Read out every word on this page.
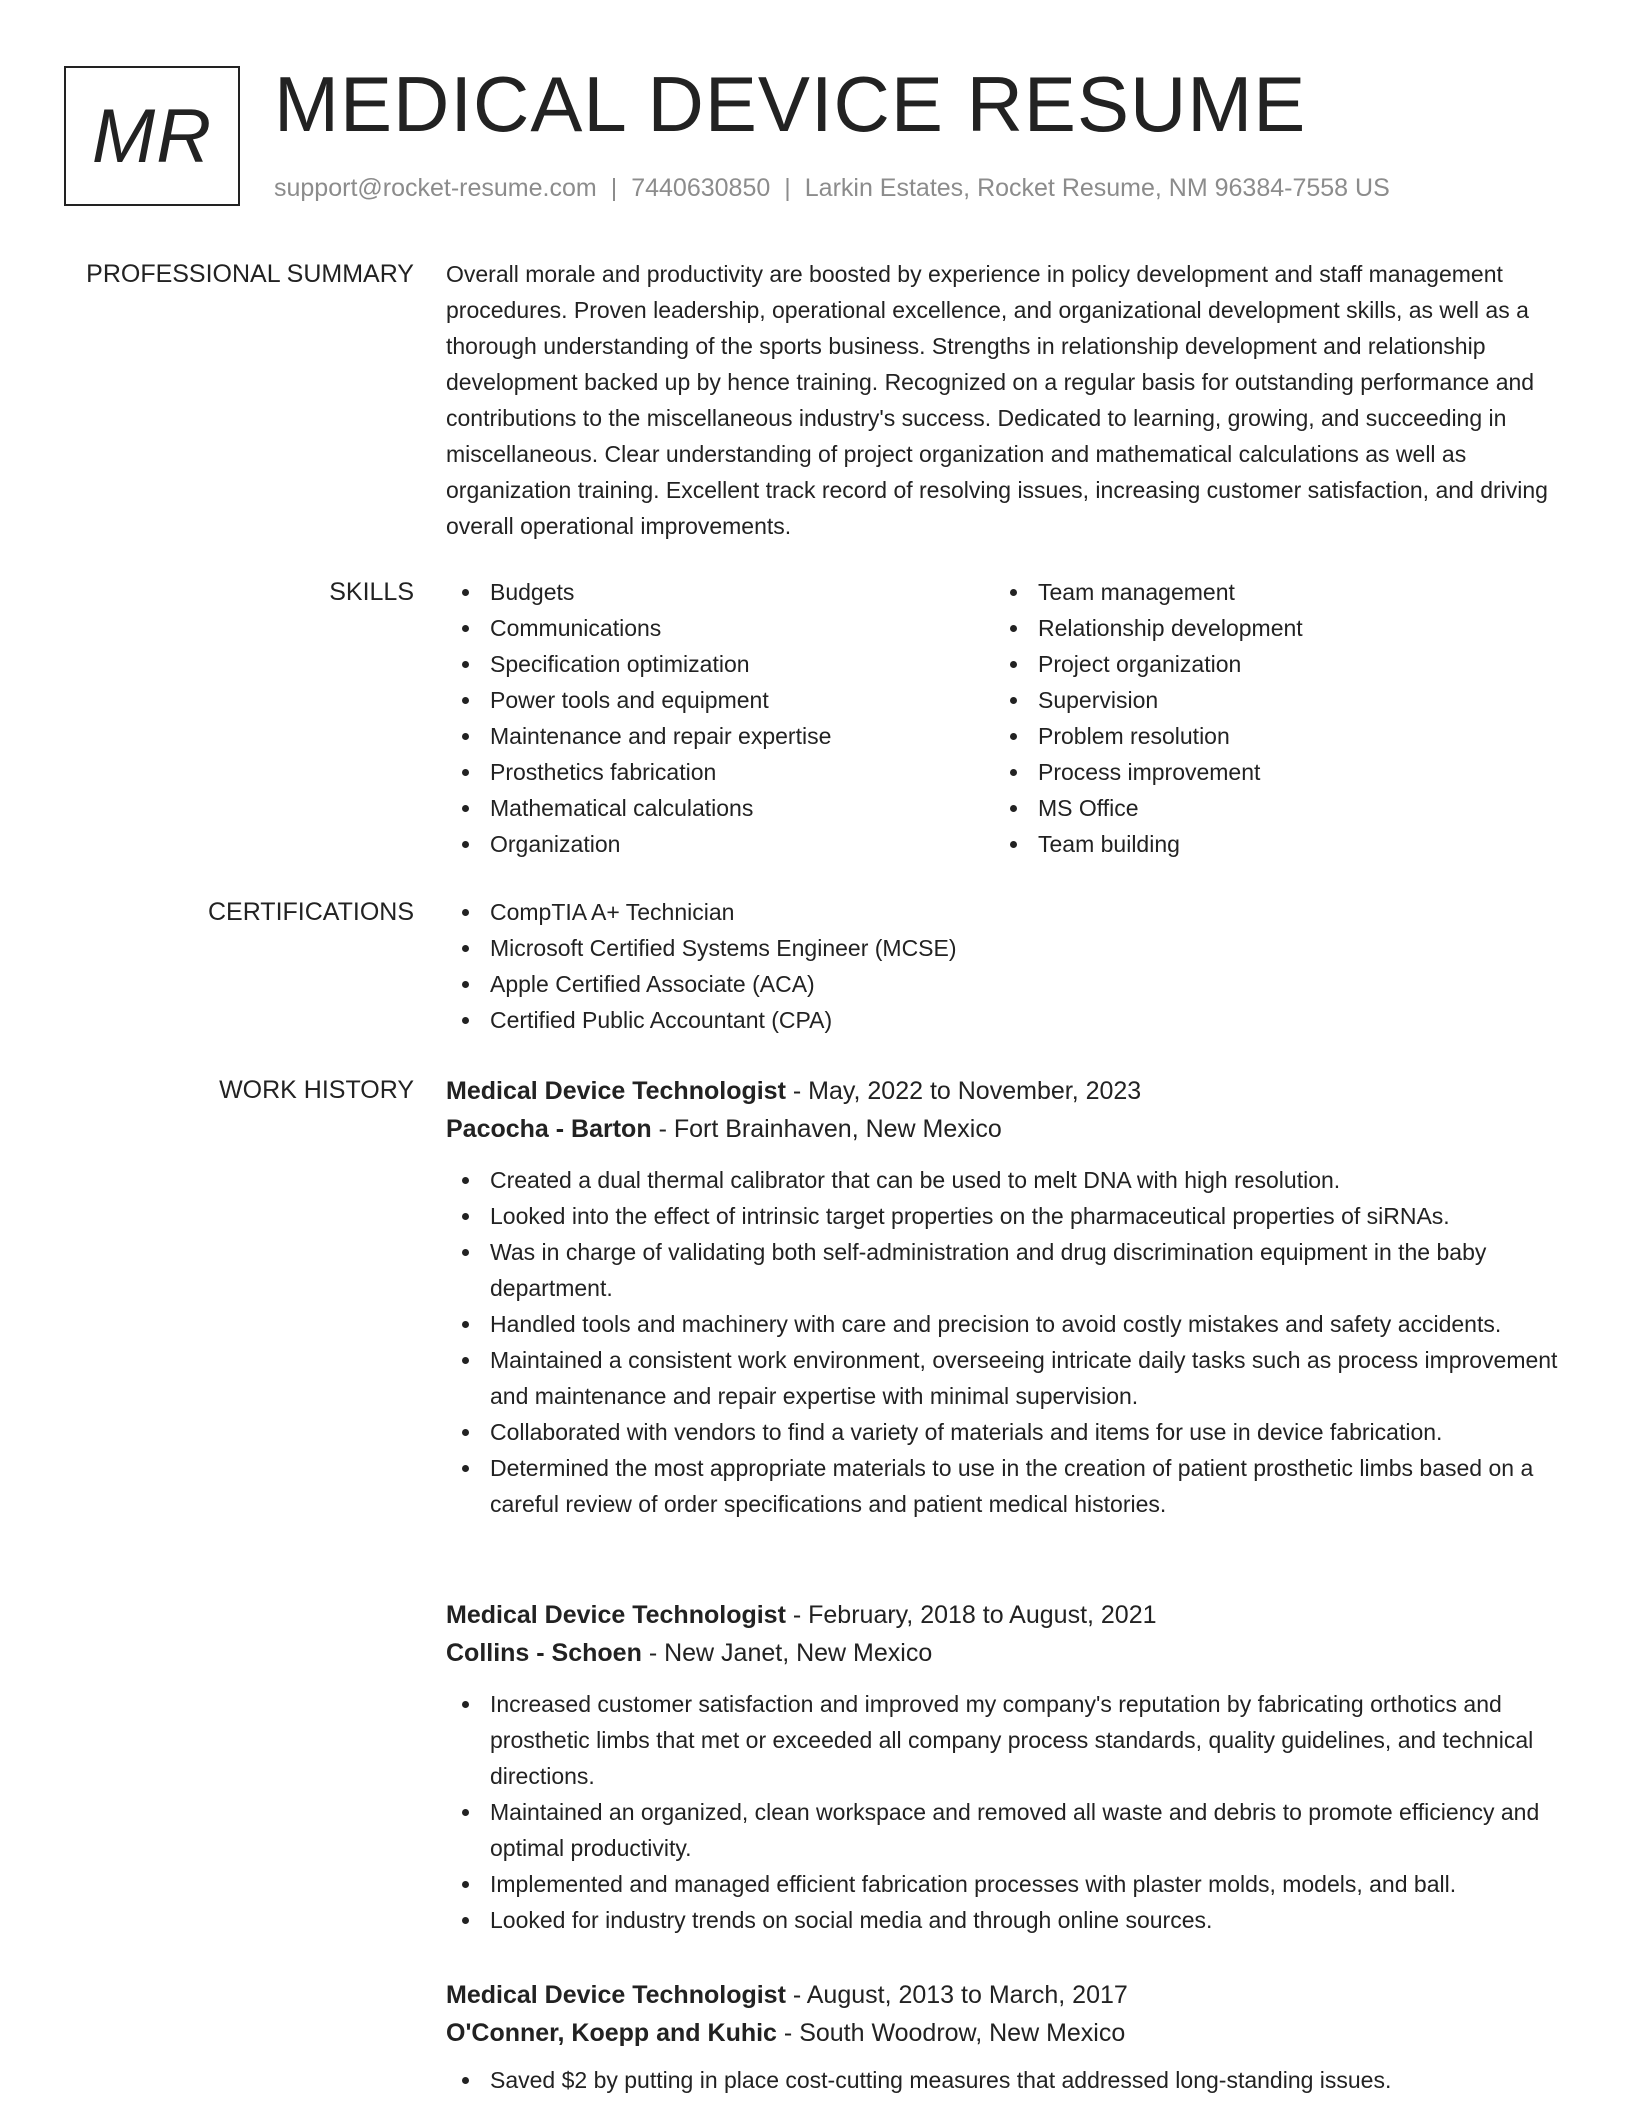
MR MEDICAL DEVICE RESUME
support@rocket-resume.com | 7440630850 | Larkin Estates, Rocket Resume, NM 96384-7558 US
PROFESSIONAL SUMMARY Overall morale and productivity are boosted by experience in policy development and staff management procedures. Proven leadership, operational excellence, and organizational development skills, as well as a thorough understanding of the sports business. Strengths in relationship development and relationship development backed up by hence training. Recognized on a regular basis for outstanding performance and contributions to the miscellaneous industry's success. Dedicated to learning, growing, and succeeding in miscellaneous. Clear understanding of project organization and mathematical calculations as well as organization training. Excellent track record of resolving issues, increasing customer satisfaction, and driving overall operational improvements.

SKILLS	Budgets
Communications
Specification optimization
Power tools and equipment
Maintenance and repair expertise
Prosthetics fabrication
Mathematical calculations
Organization
Team management
Relationship development
Project organization
Supervision
Problem resolution
Process improvement
MS Office
Team building
CERTIFICATIONS	CompTIA A+ Technician
Microsoft Certified Systems Engineer (MCSE)
Apple Certified Associate (ACA)
Certified Public Accountant (CPA)
WORK HISTORY Medical Device Technologist - May, 2022 to November, 2023
Pacocha - Barton - Fort Brainhaven, New Mexico
Created a dual thermal calibrator that can be used to melt DNA with high resolution.
Looked into the effect of intrinsic target properties on the pharmaceutical properties of siRNAs.
Was in charge of validating both self-administration and drug discrimination equipment in the baby department.
Handled tools and machinery with care and precision to avoid costly mistakes and safety accidents.
Maintained a consistent work environment, overseeing intricate daily tasks such as process improvement and maintenance and repair expertise with minimal supervision.
Collaborated with vendors to find a variety of materials and items for use in device fabrication.
Determined the most appropriate materials to use in the creation of patient prosthetic limbs based on a careful review of order specifications and patient medical histories.
Medical Device Technologist - February, 2018 to August, 2021
Collins - Schoen - New Janet, New Mexico
Increased customer satisfaction and improved my company's reputation by fabricating orthotics and prosthetic limbs that met or exceeded all company process standards, quality guidelines, and technical directions.
Maintained an organized, clean workspace and removed all waste and debris to promote efficiency and optimal productivity.
Implemented and managed efficient fabrication processes with plaster molds, models, and ball.
Looked for industry trends on social media and through online sources.
Medical Device Technologist - August, 2013 to March, 2017
O'Conner, Koepp and Kuhic - South Woodrow, New Mexico
Saved $2 by putting in place cost-cutting measures that addressed long-standing issues.
